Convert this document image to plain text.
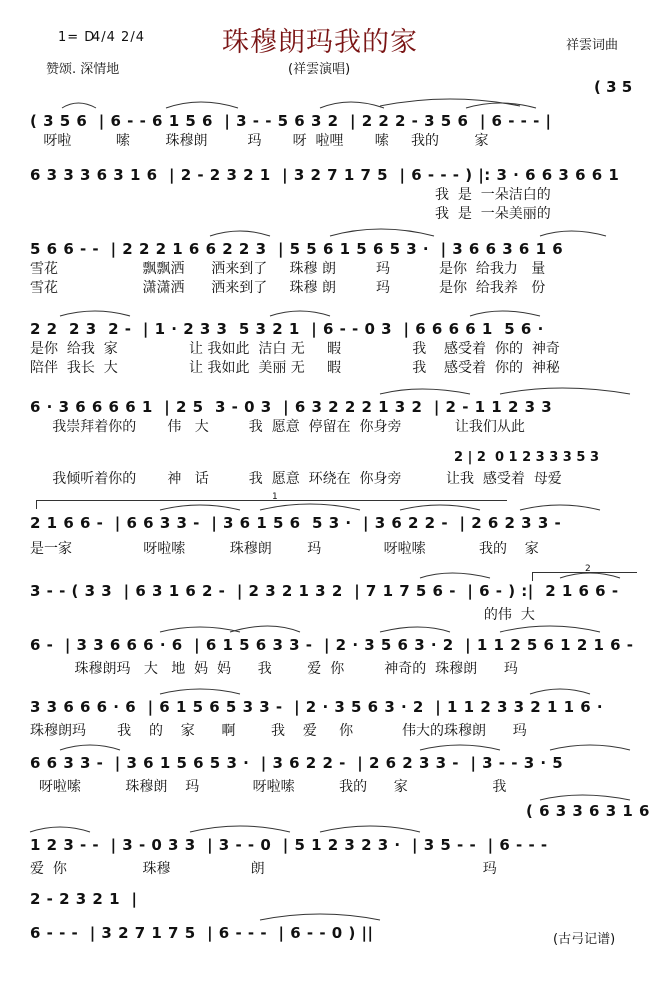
1= D
4/4 2/4
赞颂. 深情地
珠穆朗玛我的家
(祥雲演唱)
祥雲词曲
( 3 5
( 3 5 6  | 6 - - 6 1 5 6  | 3 - - 5 6 3 2  | 2 2 2 - 3 5 6  | 6 - - - |
呀啦          嗦        珠穆朗         玛       呀  啦哩       嗦     我的        家
6 3 3 3 6 3 1 6  | 2 - 2 3 2 1  | 3 2 7 1 7 5  | 6 - - - ) |: 3 · 6 6 3 6 6 1
我  是  一朵洁白的
我  是  一朵美丽的
5 6 6 - -  | 2 2 2 1 6 6 2 2 3  | 5 5 6 1 5 6 5 3 ·  | 3 6 6 3 6 1 6
雪花                   飘飘洒      洒来到了     珠穆 朗         玛           是你  给我力   量
雪花                   潇潇洒      洒来到了     珠穆 朗         玛           是你  给我养   份
2 2  2 3  2 -  | 1 · 2 3 3  5 3 2 1  | 6 - - 0 3  | 6 6 6 6 1  5 6 ·
是你  给我  家                让 我如此  洁白 无     暇                我    感受着  你的  神奇
陪伴  我长  大                让 我如此  美丽 无     暇                我    感受着  你的  神秘
6 · 3 6 6 6 6 1  | 2 5  3 - 0 3  | 6 3 2 2 2 1 3 2  | 2 - 1 1 2 3 3
我崇拜着你的       伟   大         我  愿意  停留在  你身旁            让我们从此
2 | 2  0 1 2 3 3 3 5 3
我倾听着你的       神   话         我  愿意  环绕在  你身旁          让我  感受着  母爱
1
2 1 6 6 -  | 6 6 3 3 -  | 3 6 1 5 6  5 3 ·  | 3 6 2 2 -  | 2 6 2 3 3 -
是一家                呀啦嗦          珠穆朗        玛              呀啦嗦            我的    家
2
3 - - ( 3 3  | 6 3 1 6 2 -  | 2 3 2 1 3 2  | 7 1 7 5 6 -  | 6 - ) :|  2 1 6 6 -
的伟  大
6 -  | 3 3 6 6 6 · 6  | 6 1 5 6 3 3 -  | 2 · 3 5 6 3 · 2  | 1 1 2 5 6 1 2 1 6 -
珠穆朗玛   大   地  妈  妈      我        爱  你         神奇的  珠穆朗      玛
3 3 6 6 6 · 6  | 6 1 5 6 5 3 3 -  | 2 · 3 5 6 3 · 2  | 1 1 2 3 3 2 1 1 6 ·
珠穆朗玛       我    的    家      啊        我    爱     你           伟大的珠穆朗      玛
6 6 3 3 -  | 3 6 1 5 6 5 3 ·  | 3 6 2 2 -  | 2 6 2 3 3 -  | 3 - - 3 · 5
呀啦嗦          珠穆朗    玛            呀啦嗦          我的      家                   我
( 6 3 3 6 3 1 6
1 2 3 - -  | 3 - 0 3 3  | 3 - - 0  | 5 1 2 3 2 3 ·  | 3 5 - -  | 6 - - -
爱  你                 珠穆                  朗                                                 玛
2 - 2 3 2 1  |
6 - - -  | 3 2 7 1 7 5  | 6 - - -  | 6 - - 0 ) ||	(古弓记谱)
